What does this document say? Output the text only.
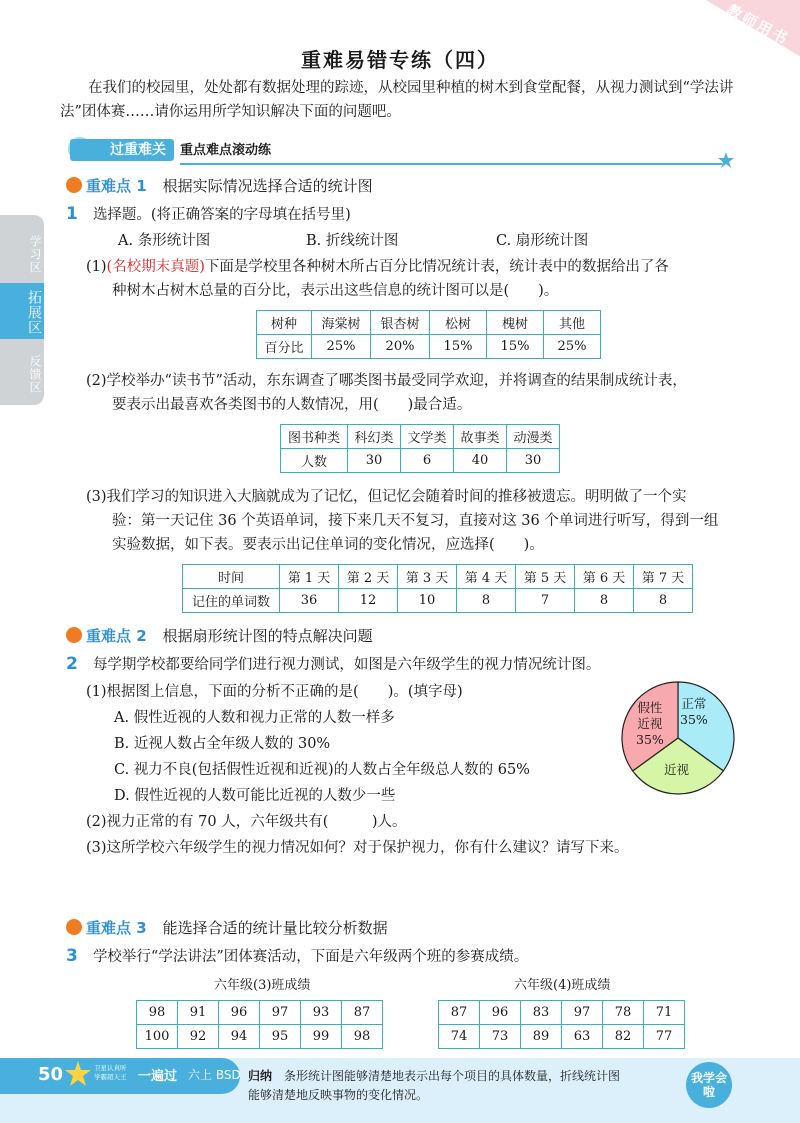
教师用书
重难易错专练（四）
在我们的校园里，处处都有数据处理的踪迹，从校园里种植的树木到食堂配餐，从视力测试到“学法讲法”团体赛……请你运用所学知识解决下面的问题吧。
过重难关	重点难点滚动练
学习区
拓展区
反馈区
重难点 1 根据实际情况选择合适的统计图
1 选择题。(将正确答案的字母填在括号里)
A. 条形统计图	B. 折线统计图	C. 扇形统计图
(1)(名校期末真题)下面是学校里各种树木所占百分比情况统计表，统计表中的数据给出了各
种树木占树木总量的百分比，表示出这些信息的统计图可以是(　　)。
树种	海棠树	银杏树	松树	槐树	其他
百分比	25%	20%	15%	15%	25%
(2)学校举办“读书节”活动，东东调查了哪类图书最受同学欢迎，并将调查的结果制成统计表，
要表示出最喜欢各类图书的人数情况，用(　　)最合适。
图书种类	科幻类	文学类	故事类	动漫类
人数	30	6	40	30
(3)我们学习的知识进入大脑就成为了记忆，但记忆会随着时间的推移被遗忘。明明做了一个实
验：第一天记住 36 个英语单词，接下来几天不复习，直接对这 36 个单词进行听写，得到一组
实验数据，如下表。要表示出记住单词的变化情况，应选择(　　)。
时间	第 1 天	第 2 天	第 3 天	第 4 天	第 5 天	第 6 天	第 7 天
记住的单词数	36	12	10	8	7	8	8
重难点 2 根据扇形统计图的特点解决问题
2 每学期学校都要给同学们进行视力测试，如图是六年级学生的视力情况统计图。
(1)根据图上信息，下面的分析不正确的是(　　)。(填字母)
A. 假性近视的人数和视力正常的人数一样多
B. 近视人数占全年级人数的 30%
C. 视力不良(包括假性近视和近视)的人数占全年级总人数的 65%
D. 假性近视的人数可能比近视的人数少一些
(2)视力正常的有 70 人，六年级共有(　　　)人。
(3)这所学校六年级学生的视力情况如何？对于保护视力，你有什么建议？请写下来。
正常
35%
近视
假性
近视
35%
重难点 3 能选择合适的统计量比较分析数据
3 学校举行“学法讲法”团体赛活动，下面是六年级两个班的参赛成绩。
六年级(3)班成绩
98	91	96	97	93	87
100	92	94	95	99	98
六年级(4)班成绩
87	96	83	97	78	71
74	73	89	63	82	77
50	卫星认真听
学霸超天王 一遍过 六上 BSD 归纳 条形统计图能够清楚地表示出每个项目的具体数量，折线统计图
能够清楚地反映事物的变化情况。
我学会啦
